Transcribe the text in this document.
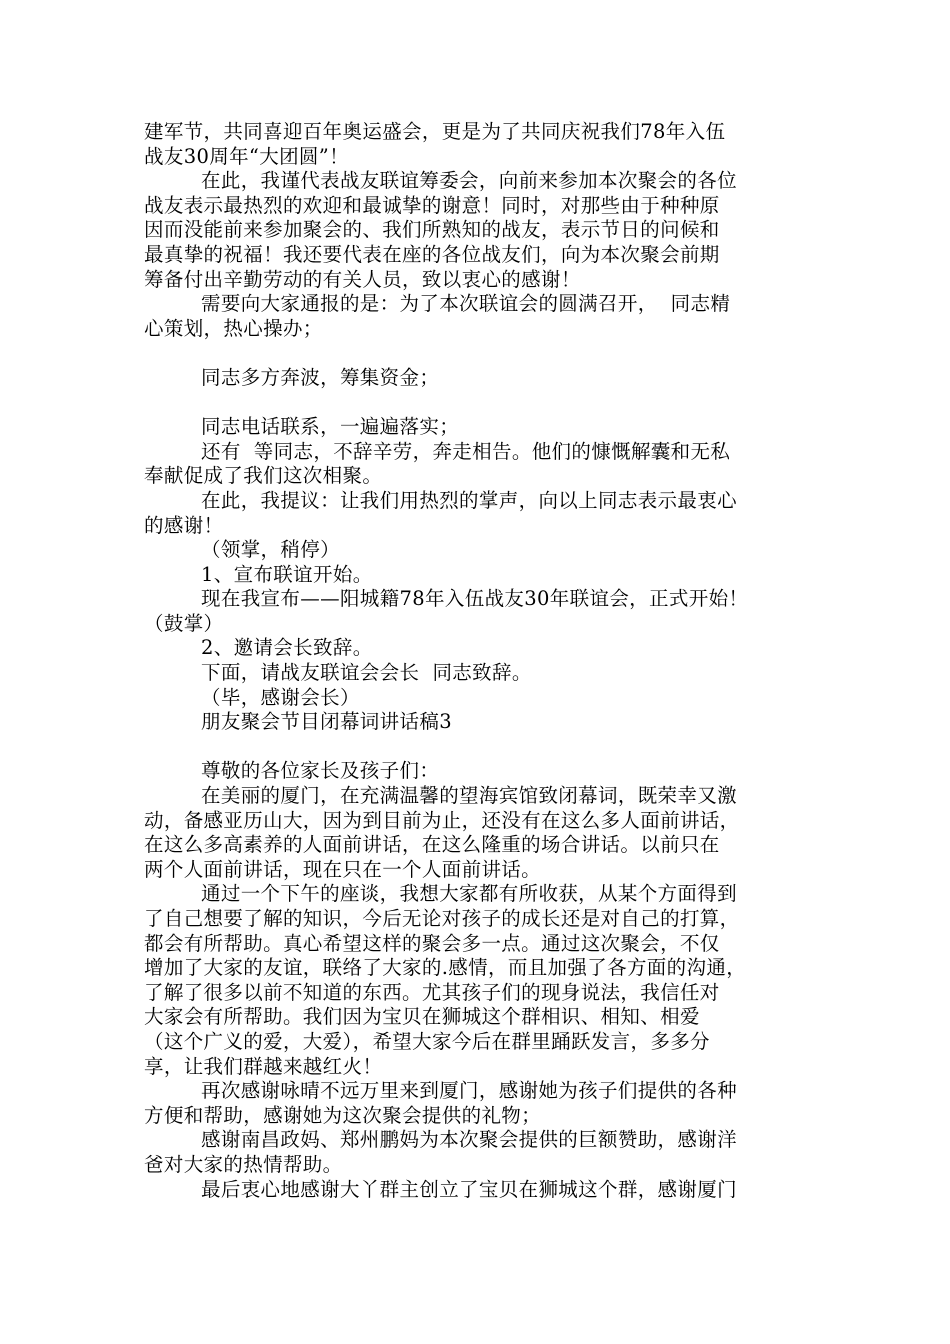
建军节，共同喜迎百年奥运盛会，更是为了共同庆祝我们78年入伍
战友30周年“大团圆”！
在此，我谨代表战友联谊筹委会，向前来参加本次聚会的各位
战友表示最热烈的欢迎和最诚挚的谢意！同时，对那些由于种种原
因而没能前来参加聚会的、我们所熟知的战友，表示节日的问候和
最真挚的祝福！我还要代表在座的各位战友们，向为本次聚会前期
筹备付出辛勤劳动的有关人员，致以衷心的感谢！
需要向大家通报的是：为了本次联谊会的圆满召开，  同志精
心策划，热心操办；
同志多方奔波，筹集资金；
同志电话联系，一遍遍落实；
还有  等同志，不辞辛劳，奔走相告。他们的慷慨解囊和无私
奉献促成了我们这次相聚。
在此，我提议：让我们用热烈的掌声，向以上同志表示最衷心
的感谢！
（领掌，稍停）
1、宣布联谊开始。
现在我宣布——阳城籍78年入伍战友30年联谊会，正式开始！
（鼓掌）
2、邀请会长致辞。
下面，请战友联谊会会长  同志致辞。
（毕，感谢会长）
朋友聚会节目闭幕词讲话稿3
尊敬的各位家长及孩子们：
在美丽的厦门，在充满温馨的望海宾馆致闭幕词，既荣幸又激
动，备感亚历山大，因为到目前为止，还没有在这么多人面前讲话，
在这么多高素养的人面前讲话，在这么隆重的场合讲话。以前只在
两个人面前讲话，现在只在一个人面前讲话。
通过一个下午的座谈，我想大家都有所收获，从某个方面得到
了自己想要了解的知识，今后无论对孩子的成长还是对自己的打算，
都会有所帮助。真心希望这样的聚会多一点。通过这次聚会，不仅
增加了大家的友谊，联络了大家的.感情，而且加强了各方面的沟通，
了解了很多以前不知道的东西。尤其孩子们的现身说法，我信任对
大家会有所帮助。我们因为宝贝在狮城这个群相识、相知、相爱
（这个广义的爱，大爱），希望大家今后在群里踊跃发言，多多分
享，让我们群越来越红火！
再次感谢咏晴不远万里来到厦门，感谢她为孩子们提供的各种
方便和帮助，感谢她为这次聚会提供的礼物；
感谢南昌政妈、郑州鹏妈为本次聚会提供的巨额赞助，感谢洋
爸对大家的热情帮助。
最后衷心地感谢大丫群主创立了宝贝在狮城这个群，感谢厦门
